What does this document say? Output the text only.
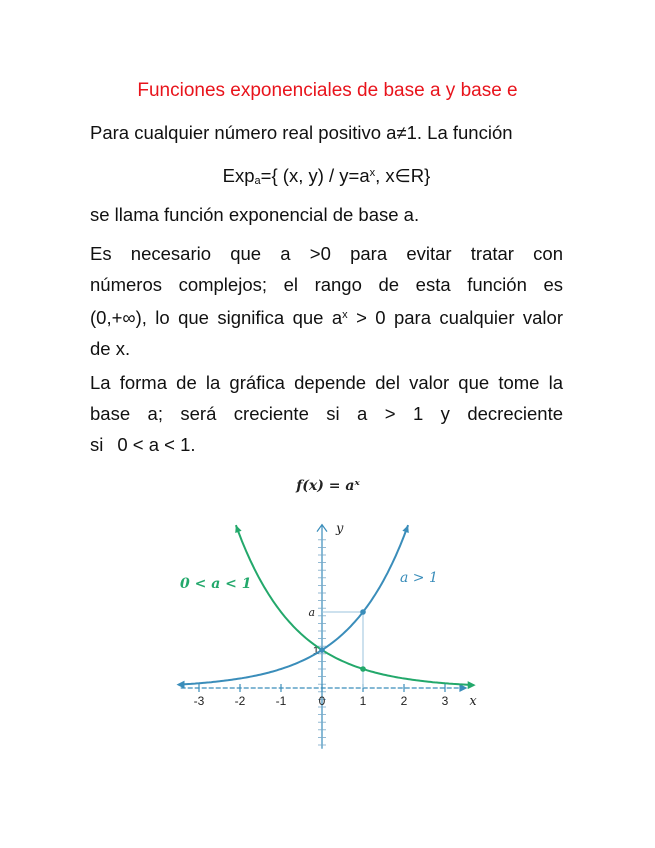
Funciones exponenciales de base a y base e
Para cualquier número real positivo a≠1. La función
Exp$_a$={ (x, $y) / y=a^x$, x∈R}
se llama función exponencial de base a.
Es necesario que a >0 para evitar tratar con
números complejos; el rango de esta función es
(0,+∞), lo que significa que $a^x > 0$ para cualquier valor
de x.
La forma de la gráfica depende del valor que tome la
base a; será creciente si a > 1 y decreciente
si 0 < a < 1.
f(x) = aˣ
-3	-2	-1	0	1	2	3 x
y
a
1
a > 1
0 < a < 1
